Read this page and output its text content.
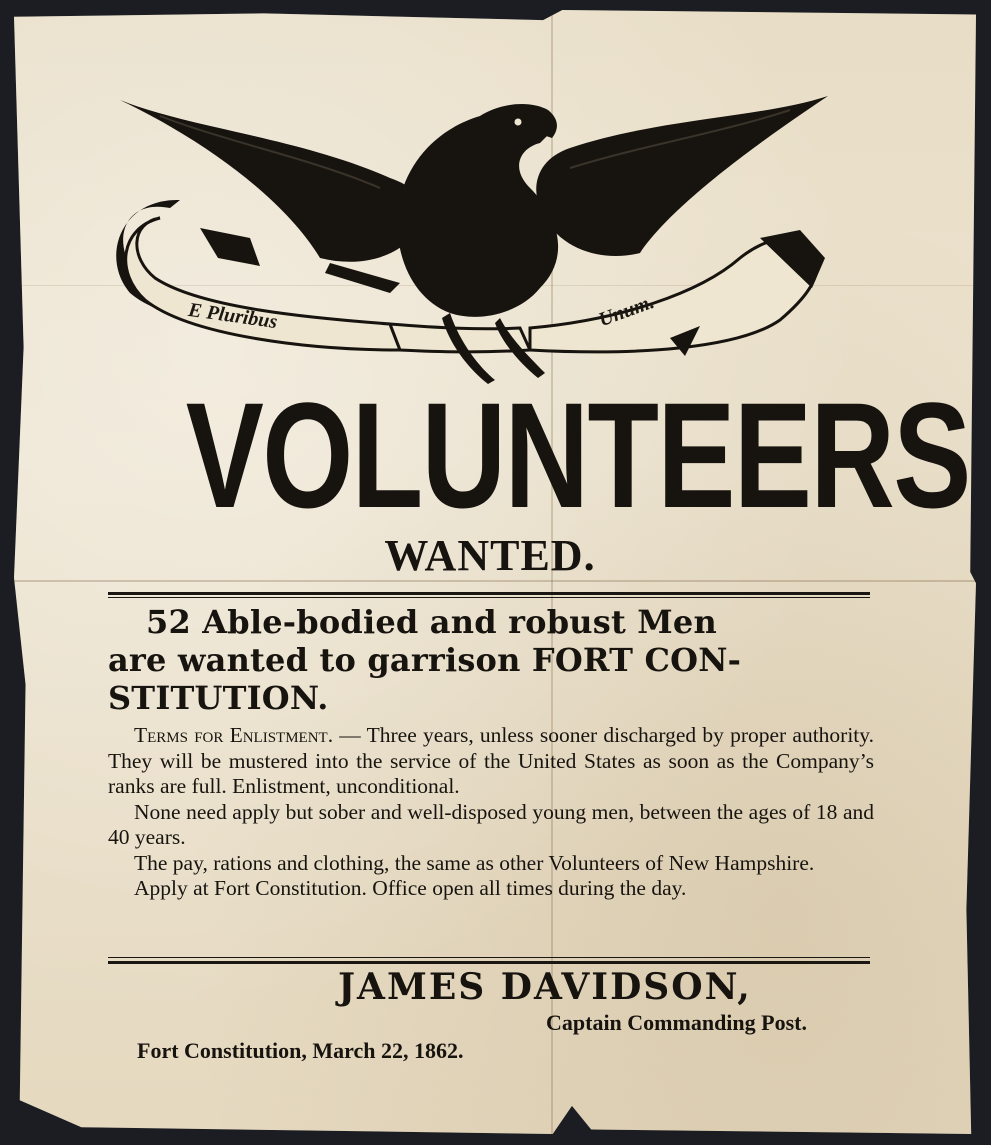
E Pluribus	Unum.
VOLUNTEERS
WANTED.
52 Able-bodied and robust Men
are wanted to garrison FORT CON-
STITUTION.

Terms for Enlistment. — Three years, unless sooner discharged by proper authority. They will be mustered into the service of the United States as soon as the Company’s ranks are full. Enlistment, unconditional.

None need apply but sober and well-disposed young men, between the ages of 18 and 40 years.

The pay, rations and clothing, the same as other Volunteers of New Hampshire.

Apply at Fort Constitution. Office open all times during the day.

JAMES DAVIDSON,
Captain Commanding Post.
Fort Constitution, March 22, 1862.
